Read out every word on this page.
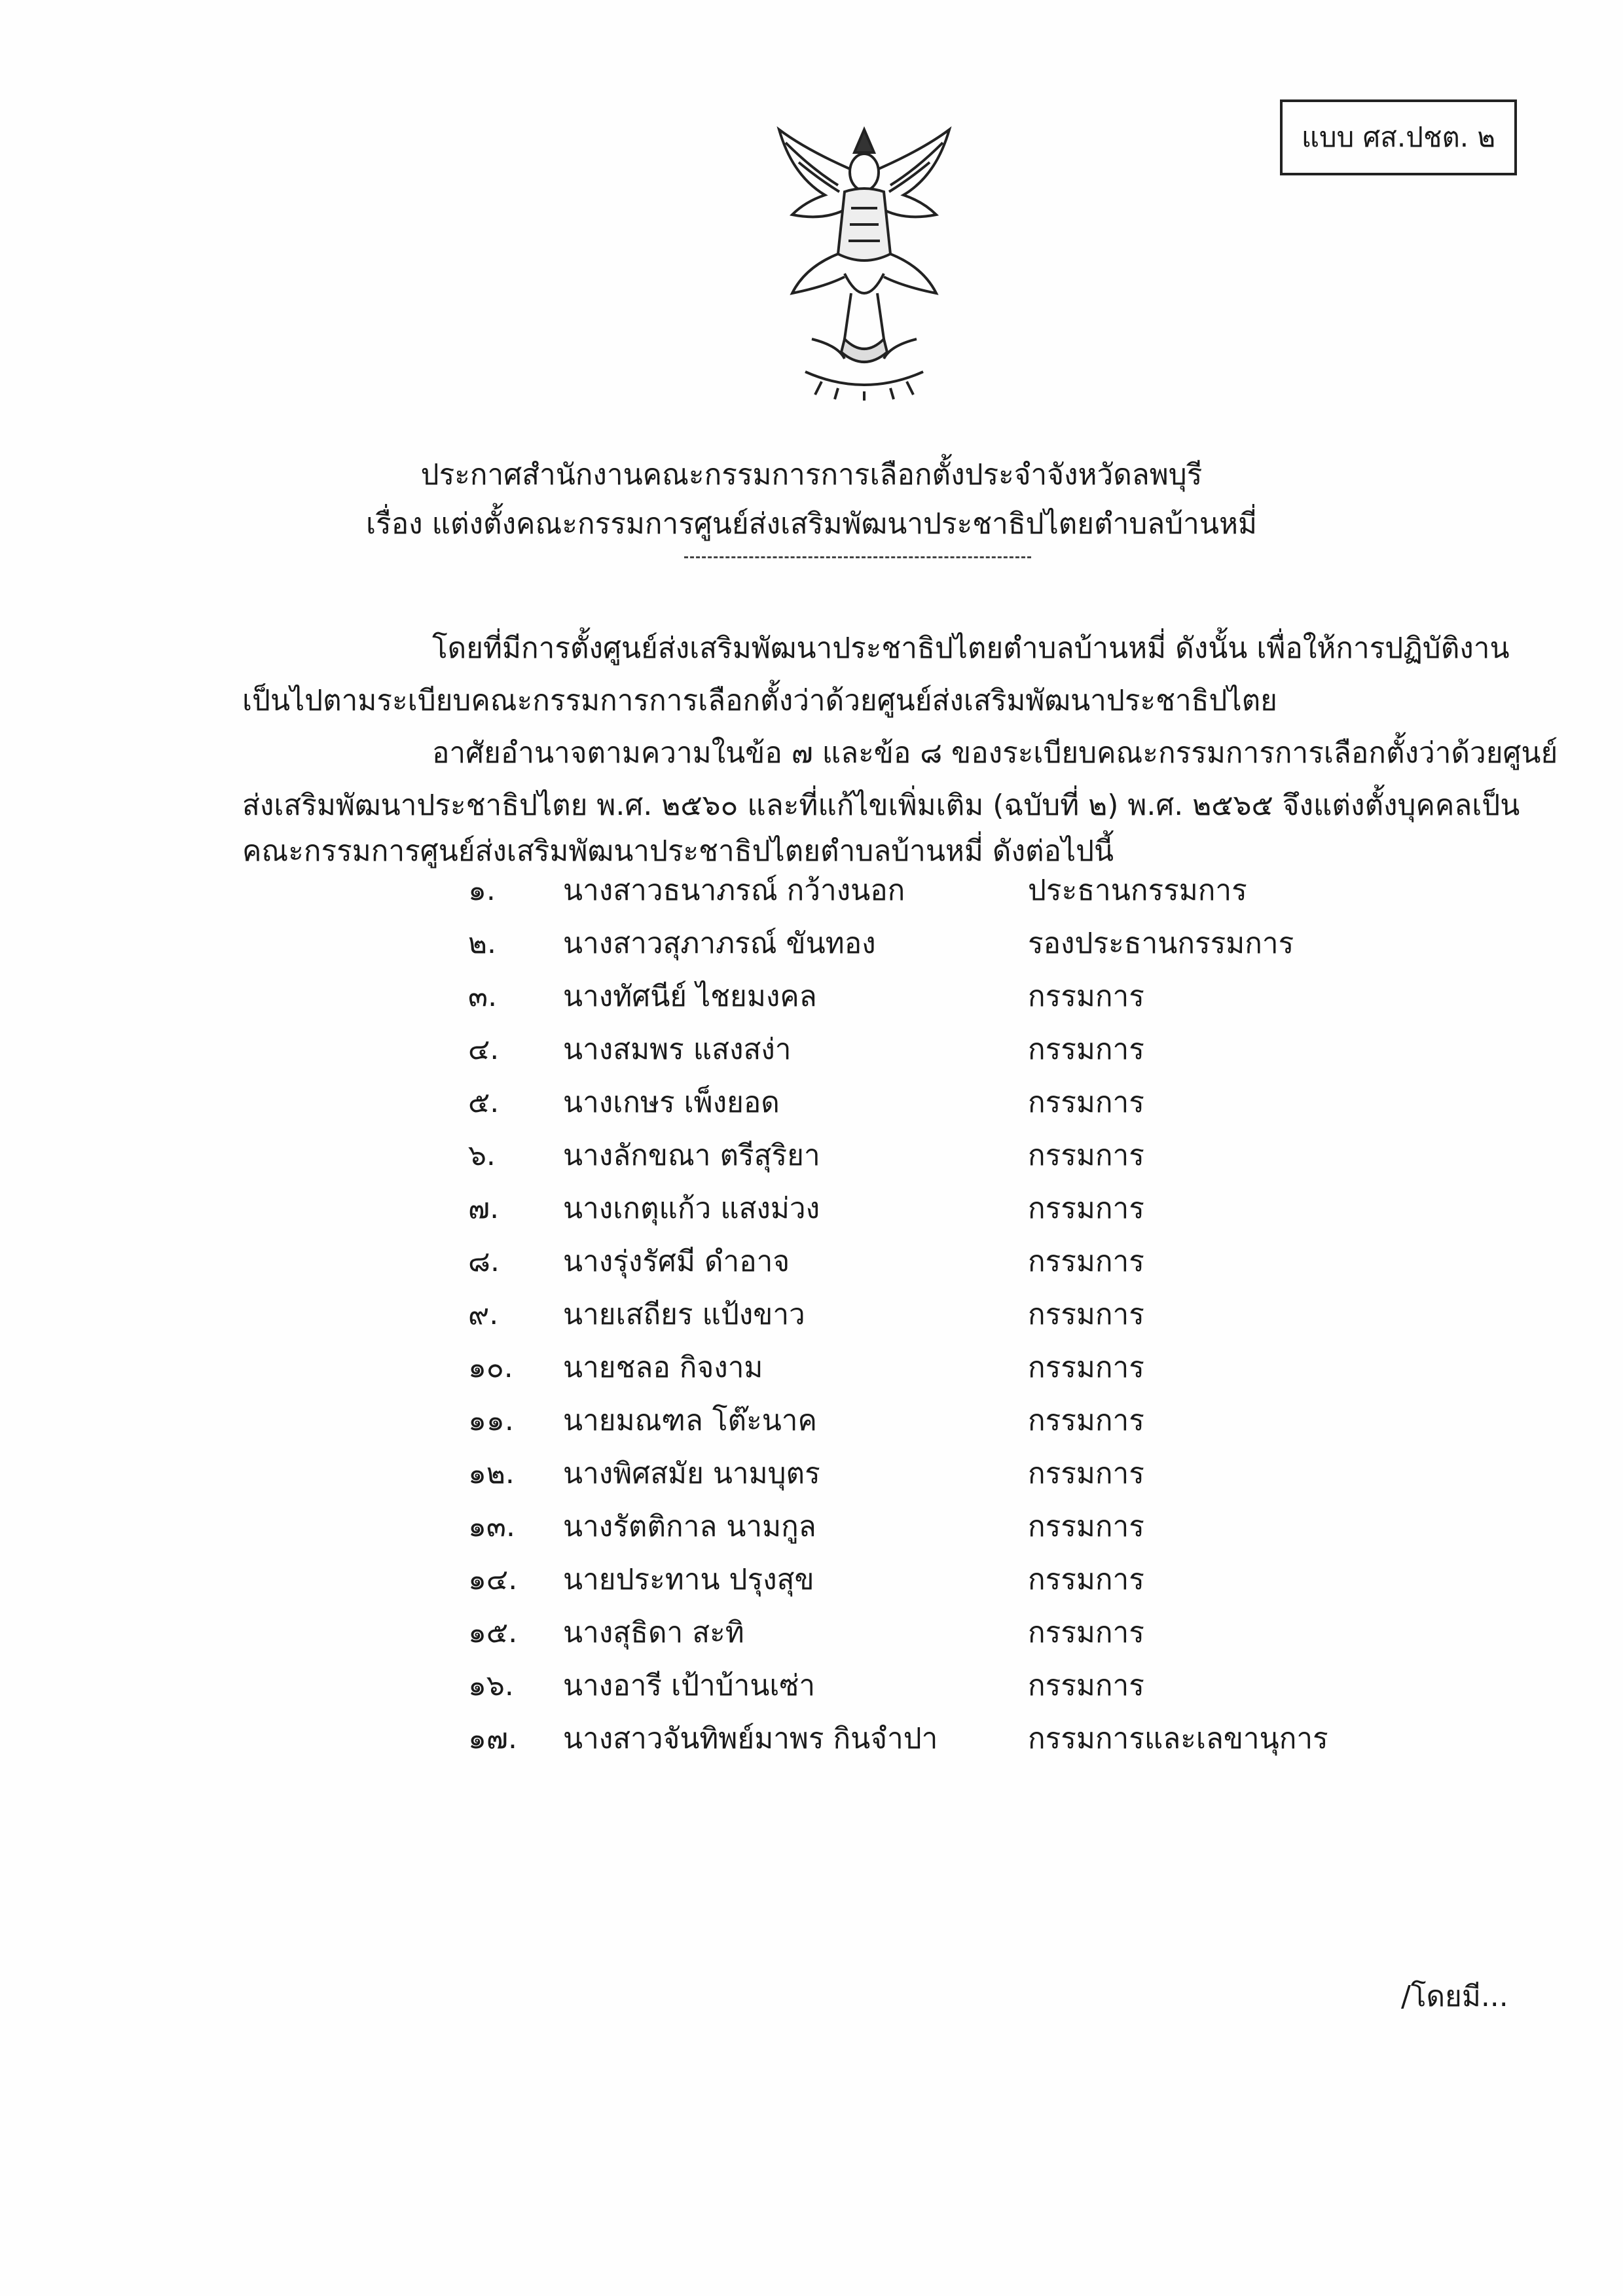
แบบ ศส.ปชต. ๒
ประกาศสำนักงานคณะกรรมการการเลือกตั้งประจำจังหวัดลพบุรี
เรื่อง แต่งตั้งคณะกรรมการศูนย์ส่งเสริมพัฒนาประชาธิปไตยตำบลบ้านหมี่
โดยที่มีการตั้งศูนย์ส่งเสริมพัฒนาประชาธิปไตยตำบลบ้านหมี่ ดังนั้น เพื่อให้การปฏิบัติงาน
เป็นไปตามระเบียบคณะกรรมการการเลือกตั้งว่าด้วยศูนย์ส่งเสริมพัฒนาประชาธิปไตย
อาศัยอำนาจตามความในข้อ ๗ และข้อ ๘ ของระเบียบคณะกรรมการการเลือกตั้งว่าด้วยศูนย์
ส่งเสริมพัฒนาประชาธิปไตย พ.ศ. ๒๕๖๐ และที่แก้ไขเพิ่มเติม (ฉบับที่ ๒) พ.ศ. ๒๕๖๕ จึงแต่งตั้งบุคคลเป็น
คณะกรรมการศูนย์ส่งเสริมพัฒนาประชาธิปไตยตำบลบ้านหมี่ ดังต่อไปนี้
๑. นางสาวธนาภรณ์ กว้างนอก	ประธานกรรมการ
๒. นางสาวสุภาภรณ์ ขันทอง	รองประธานกรรมการ
๓. นางทัศนีย์ ไชยมงคล	กรรมการ
๔. นางสมพร แสงสง่า	กรรมการ
๕. นางเกษร เพ็งยอด	กรรมการ
๖. นางลักขณา ตรีสุริยา	กรรมการ
๗. นางเกตุแก้ว แสงม่วง	กรรมการ
๘. นางรุ่งรัศมี ดำอาจ	กรรมการ
๙. นายเสถียร แป้งขาว	กรรมการ
๑๐. นายชลอ กิจงาม	กรรมการ
๑๑. นายมณฑล โต๊ะนาค	กรรมการ
๑๒. นางพิศสมัย นามบุตร	กรรมการ
๑๓. นางรัตติกาล นามกูล	กรรมการ
๑๔. นายประทาน ปรุงสุข	กรรมการ
๑๕. นางสุธิดา สะทิ	กรรมการ
๑๖. นางอารี เป้าบ้านเซ่า	กรรมการ
๑๗. นางสาวจันทิพย์มาพร กินจำปา	กรรมการและเลขานุการ
/โดยมี...
